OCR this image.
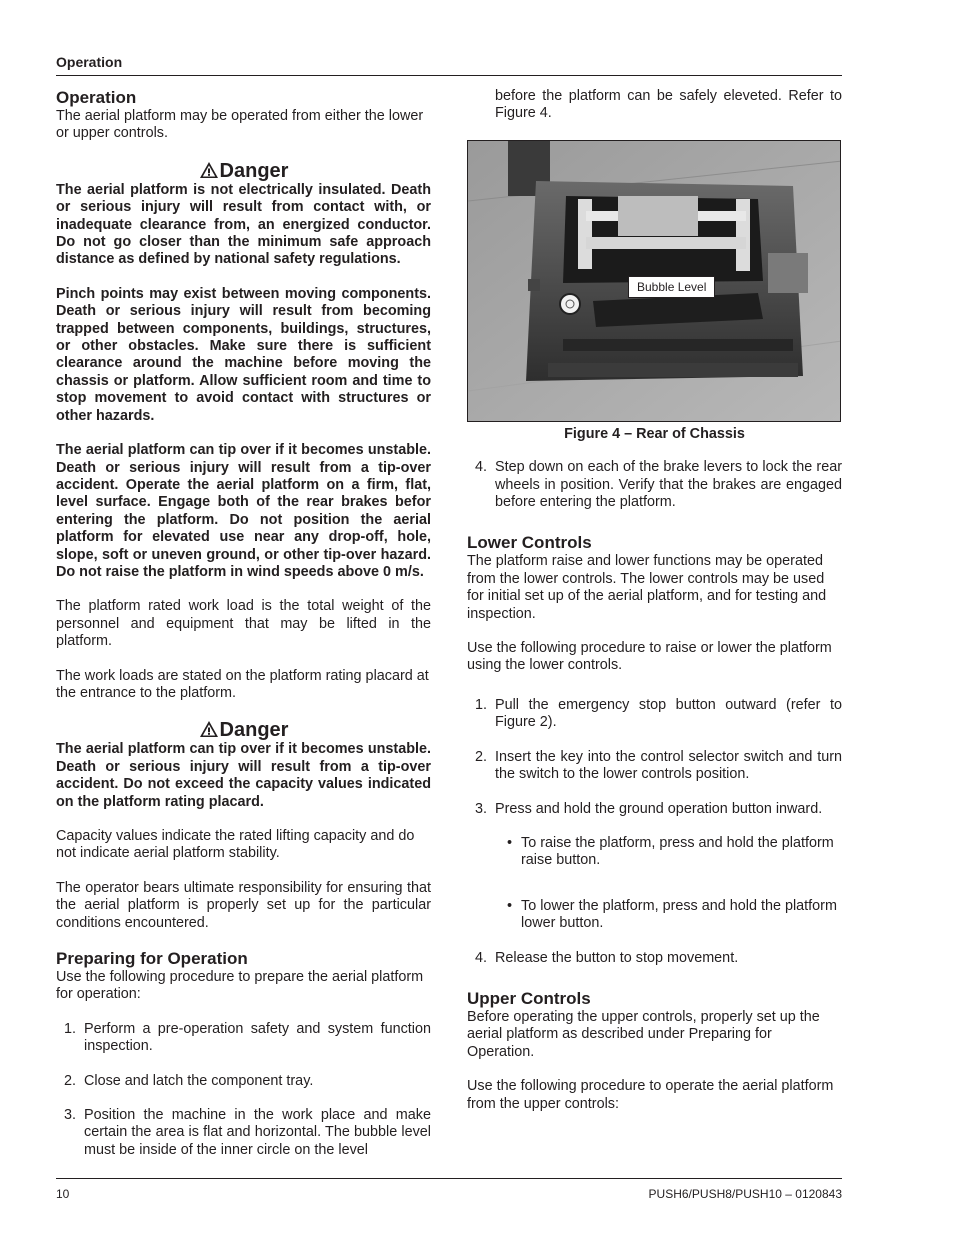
Operation
Operation

The aerial platform may be operated from either the lower or upper controls.

Danger

The aerial platform is not electrically insulated. Death or serious injury will result from contact with, or inadequate clearance from, an energized conductor. Do not go closer than the minimum safe approach distance as defined by national safety regulations.

Pinch points may exist between moving components. Death or serious injury will result from becoming trapped between components, buildings, structures, or other obstacles. Make sure there is sufficient clearance around the machine before moving the chassis or platform. Allow sufficient room and time to stop movement to avoid contact with structures or other hazards.

The aerial platform can tip over if it becomes unstable. Death or serious injury will result from a tip-over accident. Operate the aerial platform on a firm, flat, level surface. Engage both of the rear brakes befor entering the platform. Do not position the aerial platform for elevated use near any drop-off, hole, slope, soft or uneven ground, or other tip-over hazard. Do not raise the platform in wind speeds above 0 m/s.

The platform rated work load is the total weight of the personnel and equipment that may be lifted in the platform.

The work loads are stated on the platform rating placard at the entrance to the platform.

Danger

The aerial platform can tip over if it becomes unstable. Death or serious injury will result from a tip-over accident. Do not exceed the capacity values indicated on the platform rating placard.

Capacity values indicate the rated lifting capacity and do not indicate aerial platform stability.

The operator bears ultimate responsibility for ensuring that the aerial platform is properly set up for the particular conditions encountered.

Preparing for Operation

Use the following procedure to prepare the aerial platform for operation:

1. Perform a pre-operation safety and system function inspection.
2. Close and latch the component tray.
3. Position the machine in the work place and make certain the area is flat and horizontal. The bubble level must be inside of the inner circle on the level
before the platform can be safely eleveted. Refer to Figure 4.
Bubble Level
Figure 4 – Rear of Chassis
4. Step down on each of the brake levers to lock the rear wheels in position. Verify that the brakes are engaged before entering the platform.
Lower Controls

The platform raise and lower functions may be operated from the lower controls. The lower controls may be used for initial set up of the aerial platform, and for testing and inspection.

Use the following procedure to raise or lower the platform using the lower controls.

1. Pull the emergency stop button outward (refer to Figure 2).
2. Insert the key into the control selector switch and turn the switch to the lower controls position.
3. Press and hold the ground operation button inward.
• To raise the platform, press and hold the platform raise button.
• To lower the platform, press and hold the platform lower button.
4. Release the button to stop movement.
Upper Controls

Before operating the upper controls, properly set up the aerial platform as described under Preparing for Operation.

Use the following procedure to operate the aerial platform from the upper controls:

10	PUSH6/PUSH8/PUSH10 – 0120843
